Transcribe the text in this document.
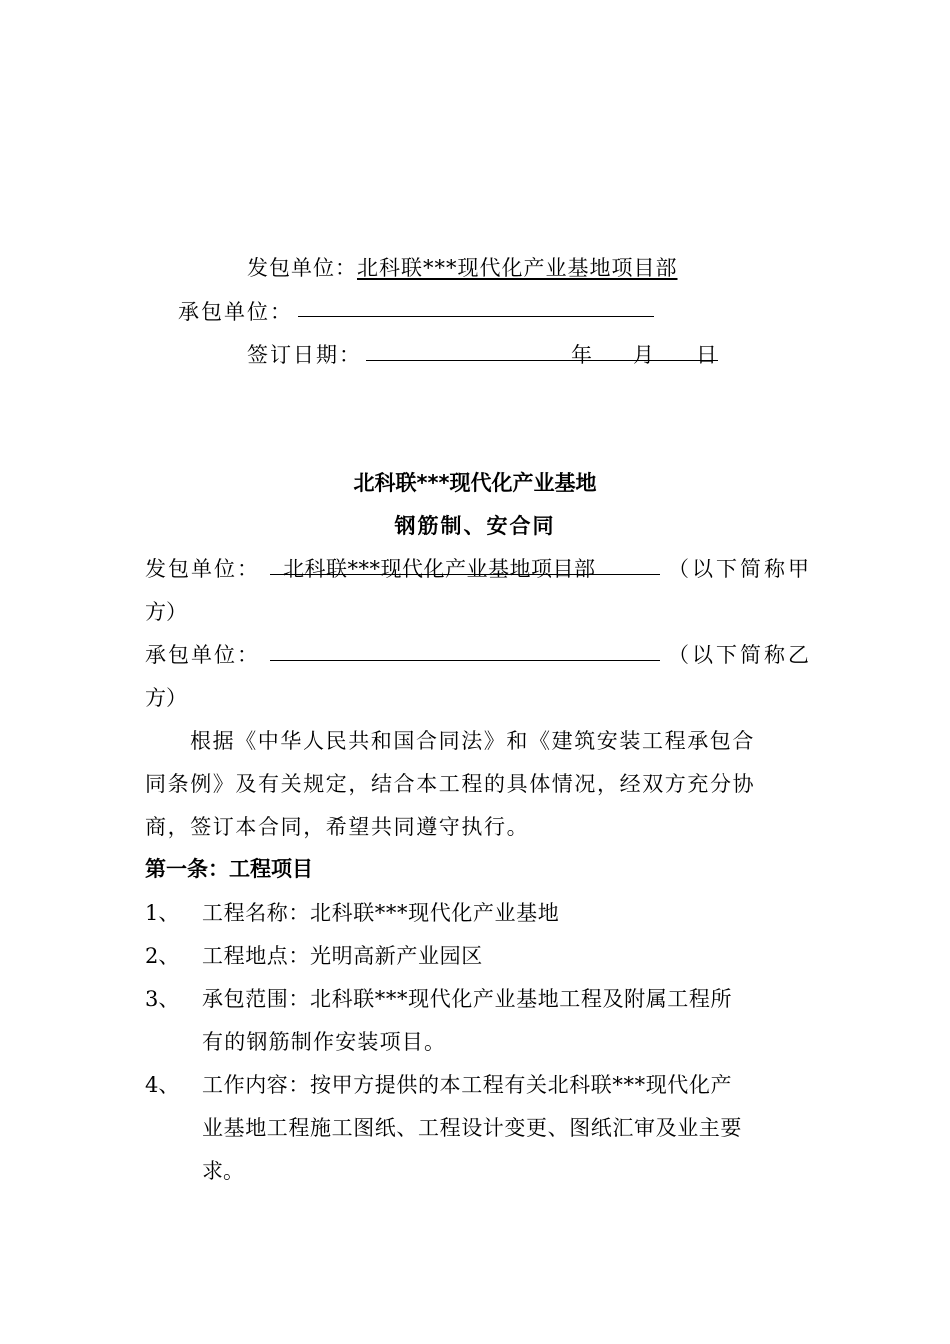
发包单位：北科联***现代化产业基地项目部
承包单位：
签订日期：	年 月 日
北科联***现代化产业基地
钢筋制、安合同
发包单位： 北科联***现代化产业基地项目部	（以下简称甲
方）
承包单位：	（以下简称乙
方）
根据《中华人民共和国合同法》和《建筑安装工程承包合
同条例》及有关规定，结合本工程的具体情况，经双方充分协
商，签订本合同，希望共同遵守执行。
第一条：工程项目
1、 工程名称：北科联***现代化产业基地
2、 工程地点：光明高新产业园区
3、 承包范围：北科联***现代化产业基地工程及附属工程所
有的钢筋制作安装项目。
4、 工作内容：按甲方提供的本工程有关北科联***现代化产
业基地工程施工图纸、工程设计变更、图纸汇审及业主要
求。
